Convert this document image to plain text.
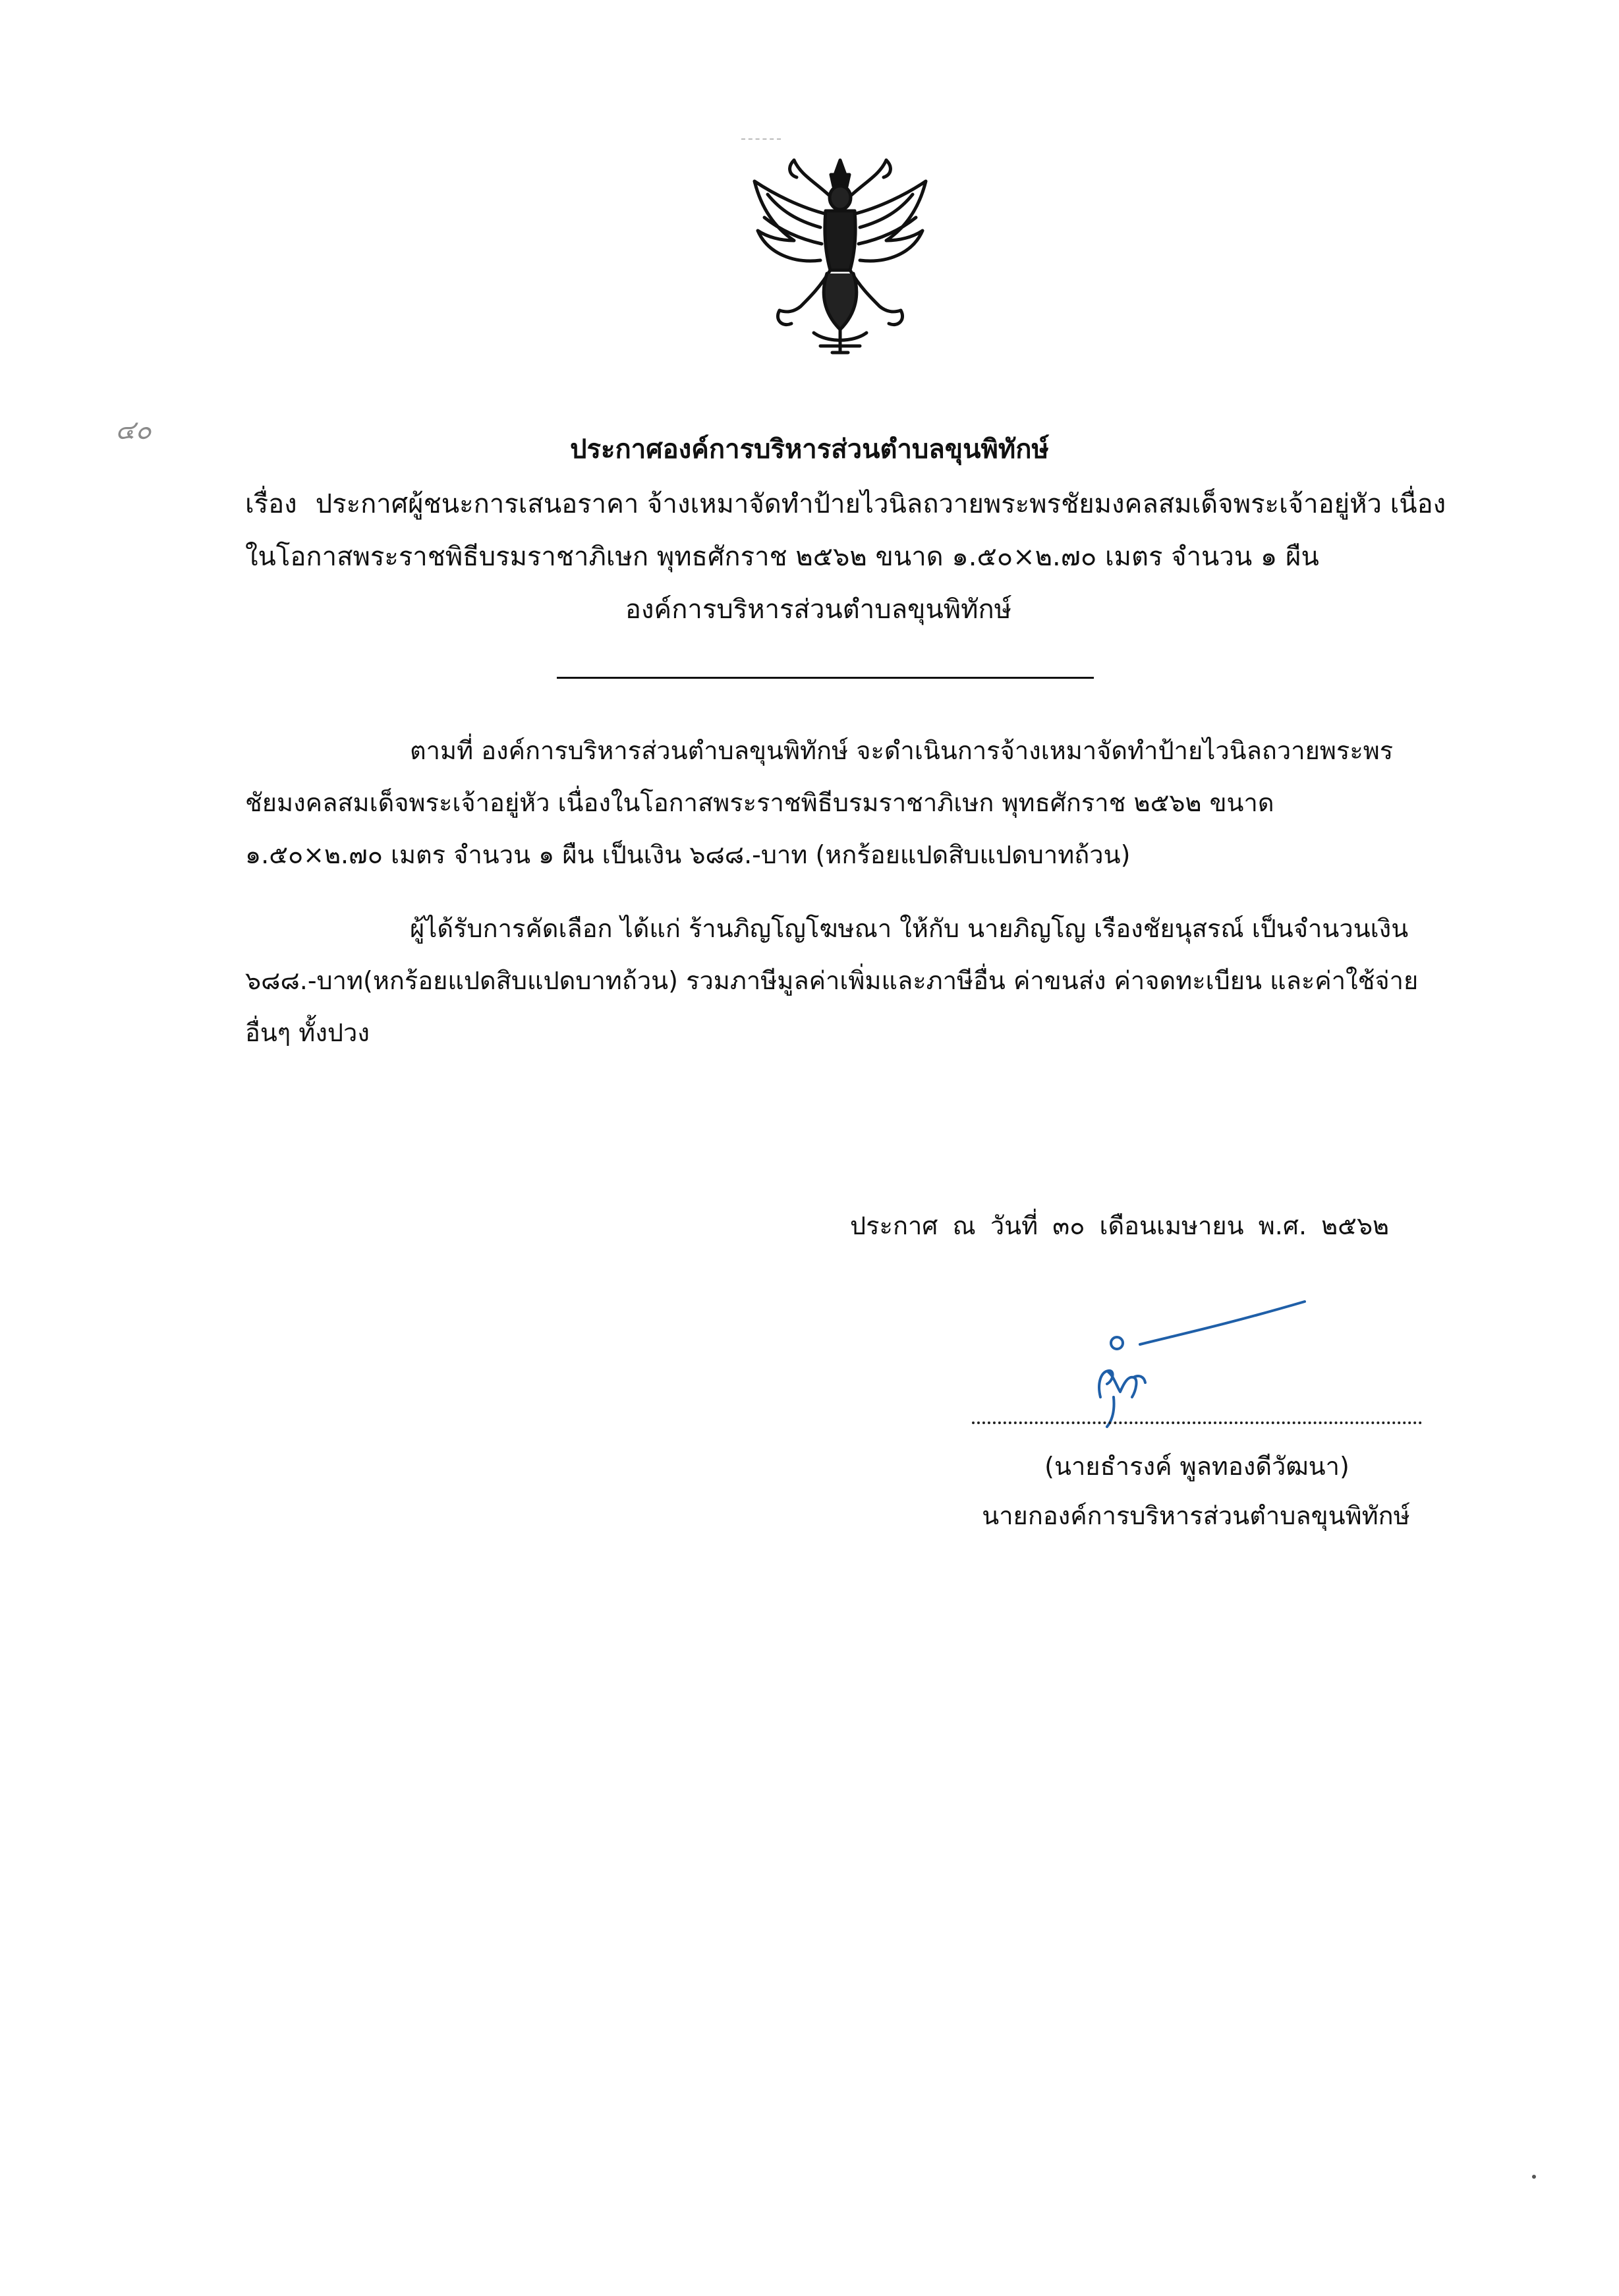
๔๐
ประกาศองค์การบริหารส่วนตำบลขุนพิทักษ์
เรื่อง ประกาศผู้ชนะการเสนอราคา จ้างเหมาจัดทำป้ายไวนิลถวายพระพรชัยมงคลสมเด็จพระเจ้าอยู่หัว เนื่อง
ในโอกาสพระราชพิธีบรมราชาภิเษก พุทธศักราช ๒๕๖๒ ขนาด ๑.๕๐×๒.๗๐ เมตร จำนวน ๑ ผืน
องค์การบริหารส่วนตำบลขุนพิทักษ์
ตามที่ องค์การบริหารส่วนตำบลขุนพิทักษ์ จะดำเนินการจ้างเหมาจัดทำป้ายไวนิลถวายพระพร
ชัยมงคลสมเด็จพระเจ้าอยู่หัว เนื่องในโอกาสพระราชพิธีบรมราชาภิเษก พุทธศักราช ๒๕๖๒ ขนาด
๑.๕๐×๒.๗๐ เมตร จำนวน ๑ ผืน เป็นเงิน ๖๘๘.-บาท (หกร้อยแปดสิบแปดบาทถ้วน)
ผู้ได้รับการคัดเลือก ได้แก่ ร้านภิญโญโฆษณา ให้กับ นายภิญโญ เรืองชัยนุสรณ์ เป็นจำนวนเงิน
๖๘๘.-บาท(หกร้อยแปดสิบแปดบาทถ้วน) รวมภาษีมูลค่าเพิ่มและภาษีอื่น ค่าขนส่ง ค่าจดทะเบียน และค่าใช้จ่าย
อื่นๆ ทั้งปวง
ประกาศ ณ วันที่ ๓๐ เดือนเมษายน พ.ศ. ๒๕๖๒
(นายธำรงค์ พูลทองดีวัฒนา)
นายกองค์การบริหารส่วนตำบลขุนพิทักษ์
